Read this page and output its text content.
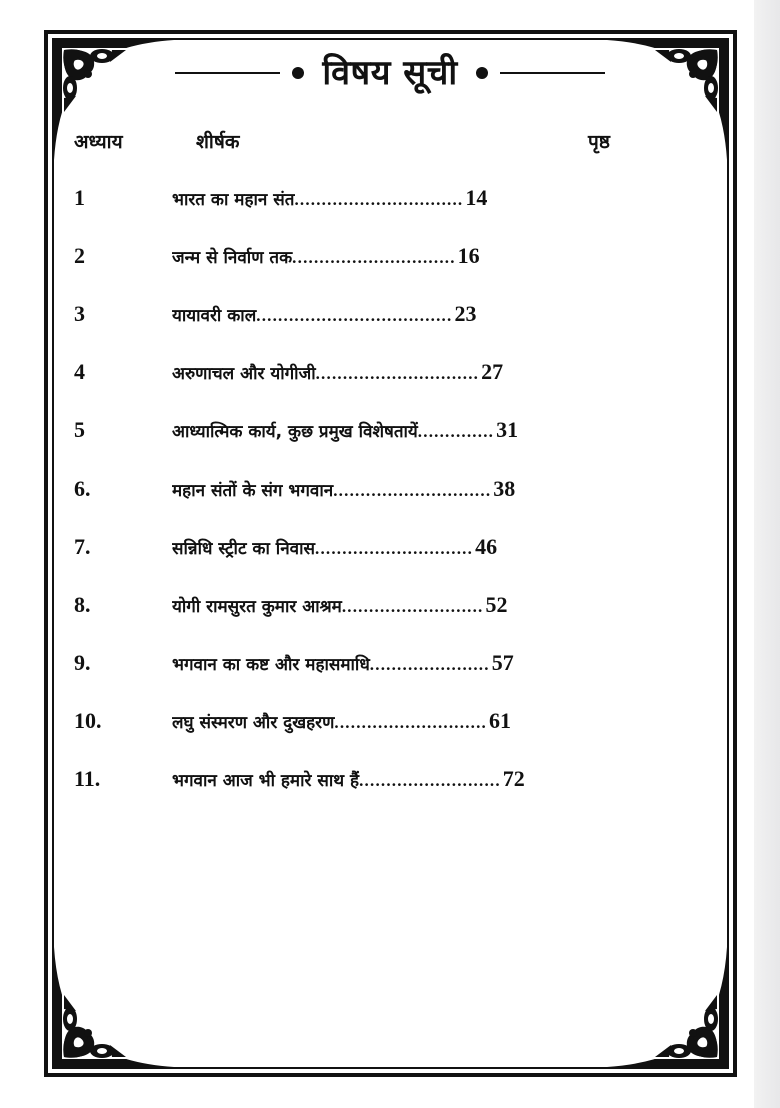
विषय सूची
अध्याय	शीर्षक	पृष्ठ
1	भारत का महान संत ............................... 14
2	जन्म से निर्वाण तक .............................. 16
3	यायावरी काल .................................... 23
4	अरुणाचल और योगीजी .............................. 27
5	आध्यात्मिक कार्य, कुछ प्रमुख विशेषतायें .............. 31
6.	महान संतों के संग भगवान ............................. 38
7.	सन्निधि स्ट्रीट का निवास ............................. 46
8.	योगी रामसुरत कुमार आश्रम .......................... 52
9.	भगवान का कष्ट और महासमाधि ...................... 57
10.	लघु संस्मरण और दुखहरण ............................ 61
11.	भगवान आज भी हमारे साथ हैं .......................... 72
